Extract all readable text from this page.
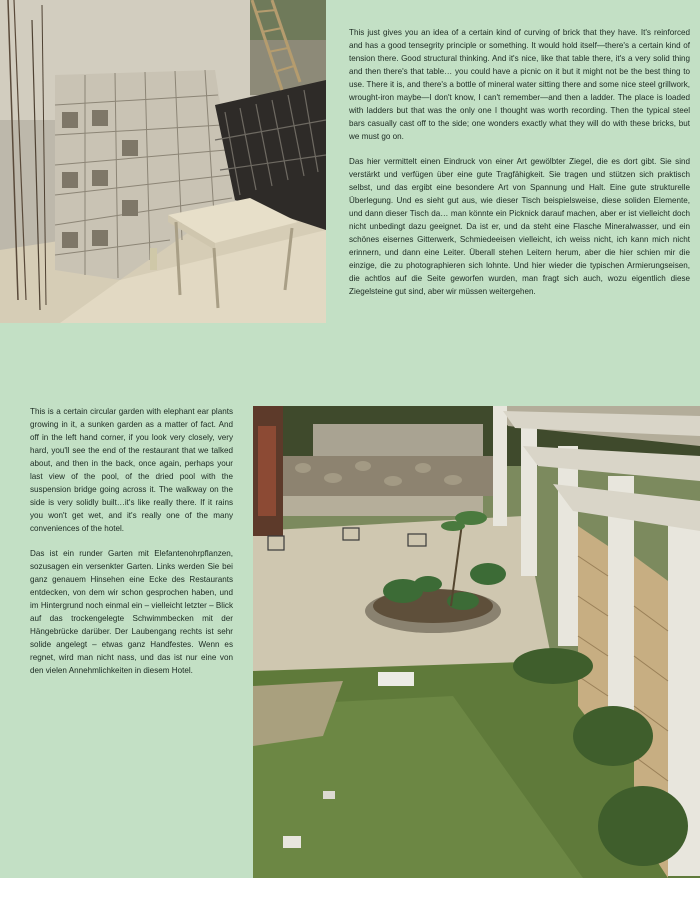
This just gives you an idea of a certain kind of curving of brick that they have. It's reinforced and has a good tensegrity principle or something. It would hold itself—there's a certain kind of tension there. Good structural thinking. And it's nice, like that table there, it's a very solid thing and then there's that table… you could have a picnic on it but it might not be the best thing to use. There it is, and there's a bottle of mineral water sitting there and some nice steel grillwork, wrought-iron maybe—I don't know, I can't remember—and then a ladder. The place is loaded with ladders but that was the only one I thought was worth recording. Then the typical steel bars casually cast off to the side; one wonders exactly what they will do with these bricks, but we must go on.

Das hier vermittelt einen Eindruck von einer Art gewölbter Ziegel, die es dort gibt. Sie sind verstärkt und verfügen über eine gute Tragfähigkeit. Sie tragen und stützen sich praktisch selbst, und das ergibt eine besondere Art von Spannung und Halt. Eine gute strukturelle Überlegung. Und es sieht gut aus, wie dieser Tisch beispielsweise, diese soliden Elemente, und dann dieser Tisch da… man könnte ein Picknick darauf machen, aber er ist vielleicht doch nicht unbedingt dazu geeignet. Da ist er, und da steht eine Flasche Mineralwasser, und ein schönes eisernes Gitterwerk, Schmiedeeisen vielleicht, ich weiss nicht, ich kann mich nicht erinnern, und dann eine Leiter. Überall stehen Leitern herum, aber die hier schien mir die einzige, die zu photographieren sich lohnte. Und hier wieder die typischen Armierungseisen, die achtlos auf die Seite geworfen wurden, man fragt sich auch, wozu eigentlich diese Ziegelsteine gut sind, aber wir müssen weitergehen.

This is a certain circular garden with elephant ear plants growing in it, a sunken garden as a matter of fact. And off in the left hand corner, if you look very closely, very hard, you'll see the end of the restaurant that we talked about, and then in the back, once again, perhaps your last view of the pool, of the dried pool with the suspension bridge going across it. The walkway on the side is very solidly built…it's like really there. If it rains you won't get wet, and it's really one of the many conveniences of the hotel.

Das ist ein runder Garten mit Elefantenohrpflanzen, sozusagen ein versenkter Garten. Links werden Sie bei ganz genauem Hinsehen eine Ecke des Restaurants entdecken, von dem wir schon gesprochen haben, und im Hintergrund noch einmal ein – vielleicht letzter – Blick auf das trockengelegte Schwimmbecken mit der Hängebrücke darüber. Der Laubengang rechts ist sehr solide angelegt – etwas ganz Handfestes. Wenn es regnet, wird man nicht nass, und das ist nur eine von den vielen Annehmlichkeiten in diesem Hotel.
